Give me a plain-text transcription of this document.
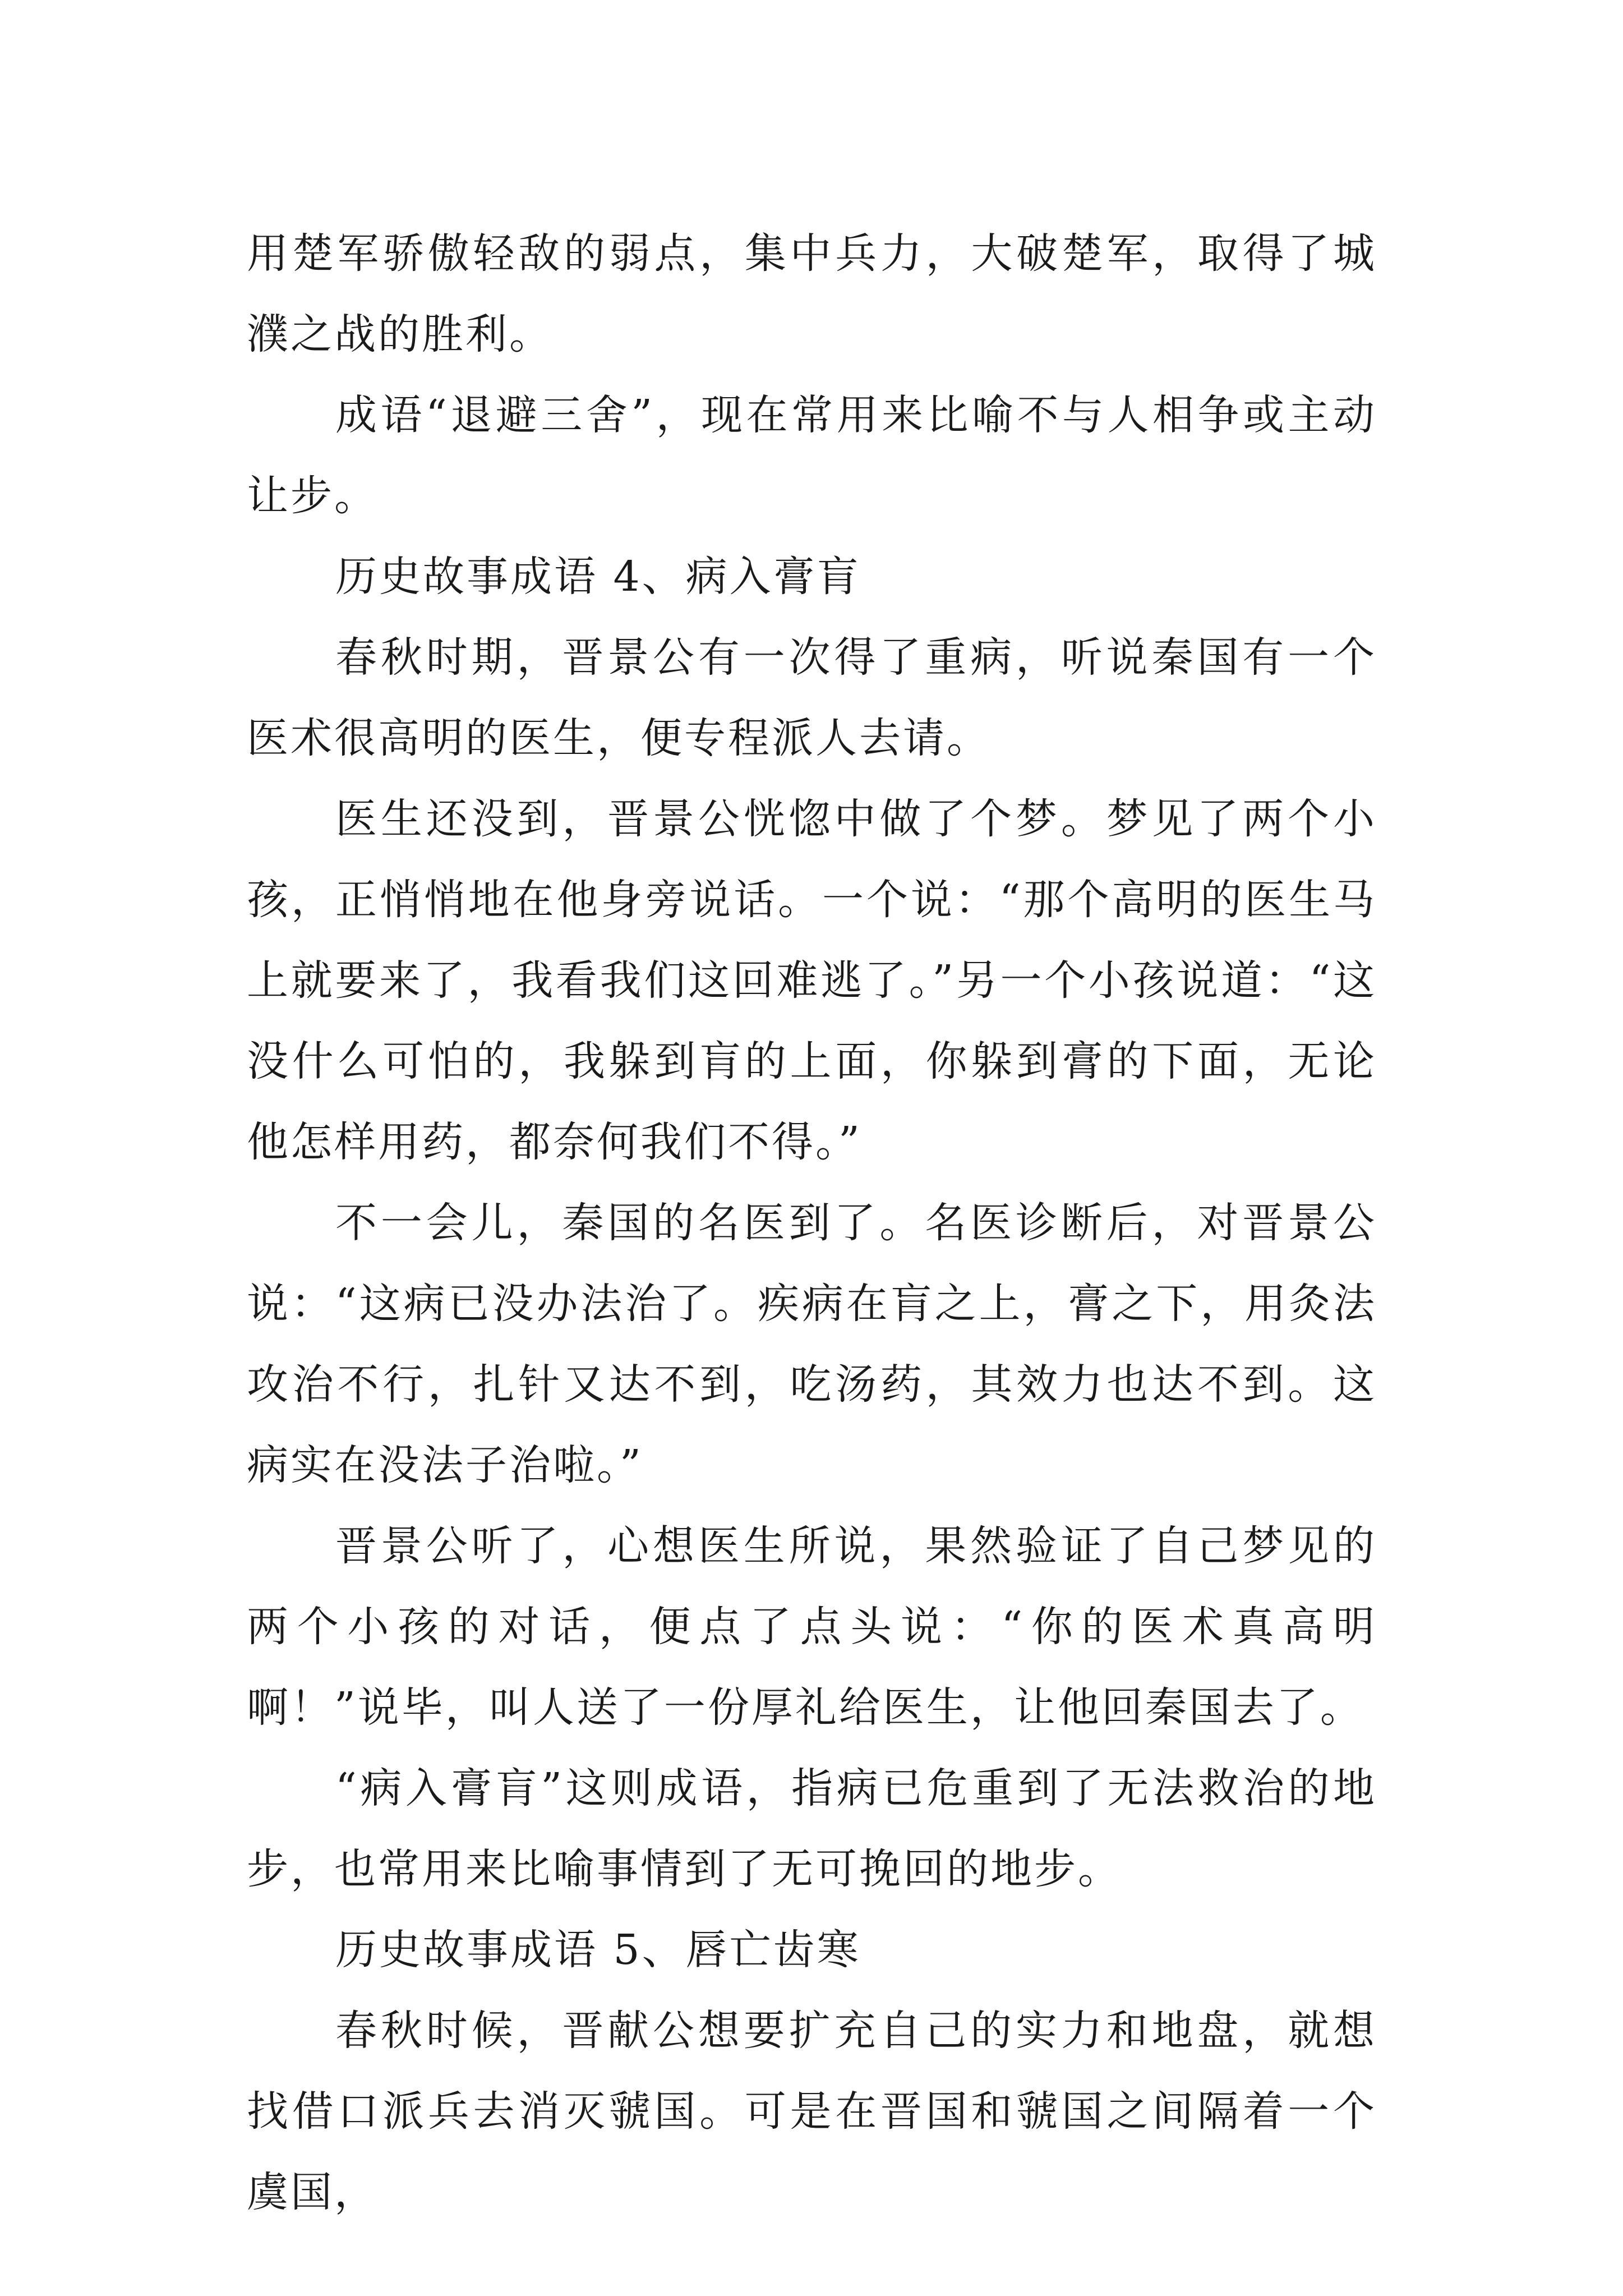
用楚军骄傲轻敌的弱点，集中兵力，大破楚军，取得了城濮之战的胜利。

成语“退避三舍”，现在常用来比喻不与人相争或主动让步。

历史故事成语 4、病入膏肓

春秋时期，晋景公有一次得了重病，听说秦国有一个医术很高明的医生，便专程派人去请。

医生还没到，晋景公恍惚中做了个梦。梦见了两个小孩，正悄悄地在他身旁说话。一个说：“那个高明的医生马上就要来了，我看我们这回难逃了。”另一个小孩说道：“这没什么可怕的，我躲到肓的上面，你躲到膏的下面，无论他怎样用药，都奈何我们不得。”

不一会儿，秦国的名医到了。名医诊断后，对晋景公说：“这病已没办法治了。疾病在肓之上，膏之下，用灸法攻治不行，扎针又达不到，吃汤药，其效力也达不到。这病实在没法子治啦。”

晋景公听了，心想医生所说，果然验证了自己梦见的两个小孩的对话，便点了点头说：“你的医术真高明啊！”说毕，叫人送了一份厚礼给医生，让他回秦国去了。

“病入膏肓”这则成语，指病已危重到了无法救治的地步，也常用来比喻事情到了无可挽回的地步。

历史故事成语 5、唇亡齿寒

春秋时候，晋献公想要扩充自己的实力和地盘，就想找借口派兵去消灭虢国。可是在晋国和虢国之间隔着一个虞国，
